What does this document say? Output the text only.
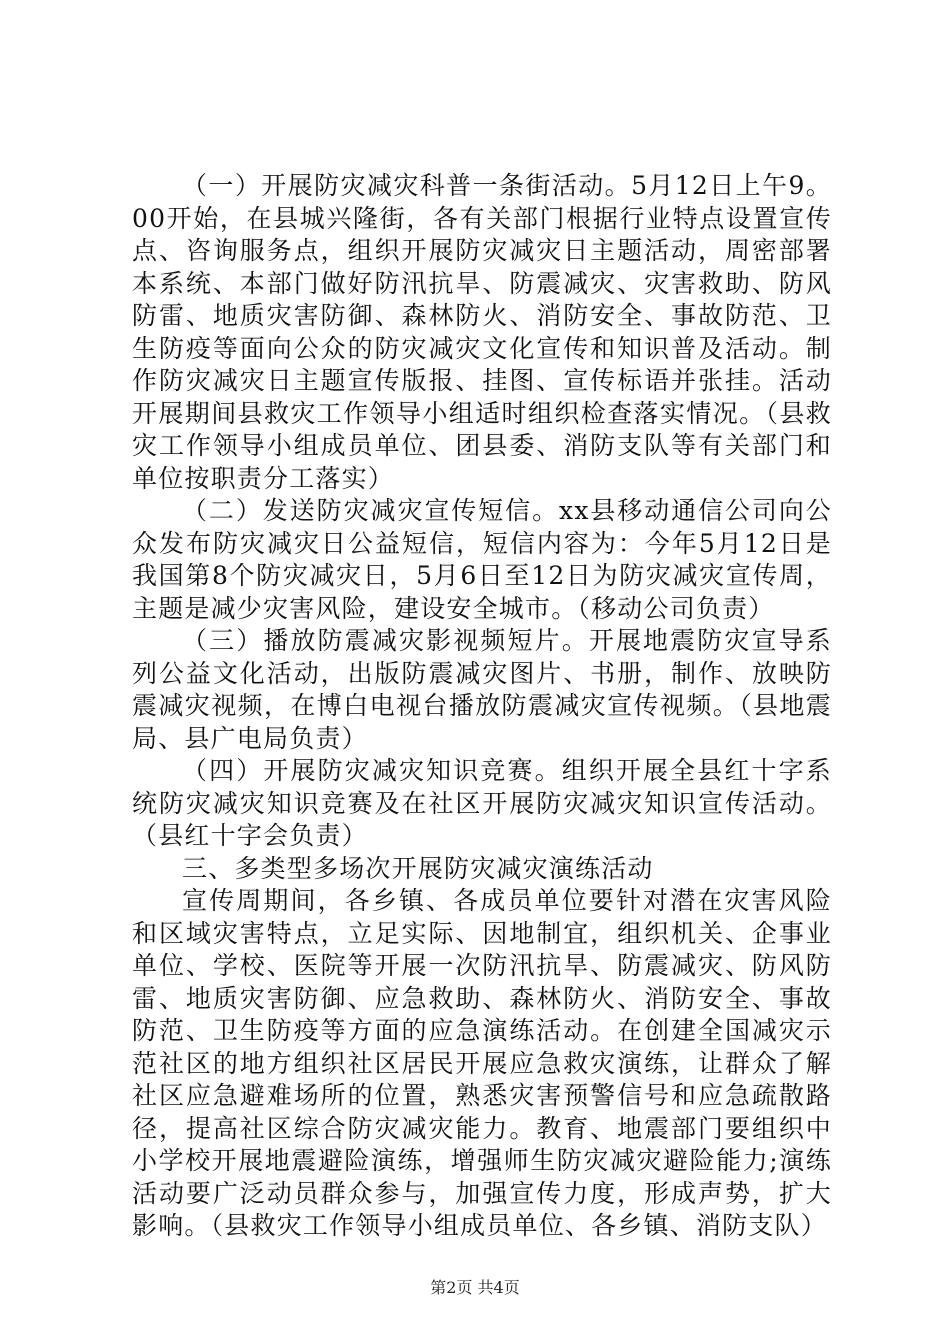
（一）开展防灾减灾科普一条街活动。5月12日上午9。00开始，在县城兴隆街，各有关部门根据行业特点设置宣传点、咨询服务点，组织开展防灾减灾日主题活动，周密部署本系统、本部门做好防汛抗旱、防震减灾、灾害救助、防风防雷、地质灾害防御、森林防火、消防安全、事故防范、卫生防疫等面向公众的防灾减灾文化宣传和知识普及活动。制作防灾减灾日主题宣传版报、挂图、宣传标语并张挂。活动开展期间县救灾工作领导小组适时组织检查落实情况。（县救灾工作领导小组成员单位、团县委、消防支队等有关部门和单位按职责分工落实）

（二）发送防灾减灾宣传短信。xx县移动通信公司向公众发布防灾减灾日公益短信，短信内容为：今年5月12日是我国第8个防灾减灾日，5月6日至12日为防灾减灾宣传周，主题是减少灾害风险，建设安全城市。（移动公司负责）

（三）播放防震减灾影视频短片。开展地震防灾宣导系列公益文化活动，出版防震减灾图片、书册，制作、放映防震减灾视频，在博白电视台播放防震减灾宣传视频。（县地震局、县广电局负责）

（四）开展防灾减灾知识竞赛。组织开展全县红十字系统防灾减灾知识竞赛及在社区开展防灾减灾知识宣传活动。（县红十字会负责）

三、多类型多场次开展防灾减灾演练活动

宣传周期间，各乡镇、各成员单位要针对潜在灾害风险和区域灾害特点，立足实际、因地制宜，组织机关、企事业单位、学校、医院等开展一次防汛抗旱、防震减灾、防风防雷、地质灾害防御、应急救助、森林防火、消防安全、事故防范、卫生防疫等方面的应急演练活动。在创建全国减灾示范社区的地方组织社区居民开展应急救灾演练，让群众了解社区应急避难场所的位置，熟悉灾害预警信号和应急疏散路径，提高社区综合防灾减灾能力。教育、地震部门要组织中小学校开展地震避险演练，增强师生防灾减灾避险能力;演练活动要广泛动员群众参与，加强宣传力度，形成声势，扩大影响。（县救灾工作领导小组成员单位、各乡镇、消防支队）

第2页 共4页
